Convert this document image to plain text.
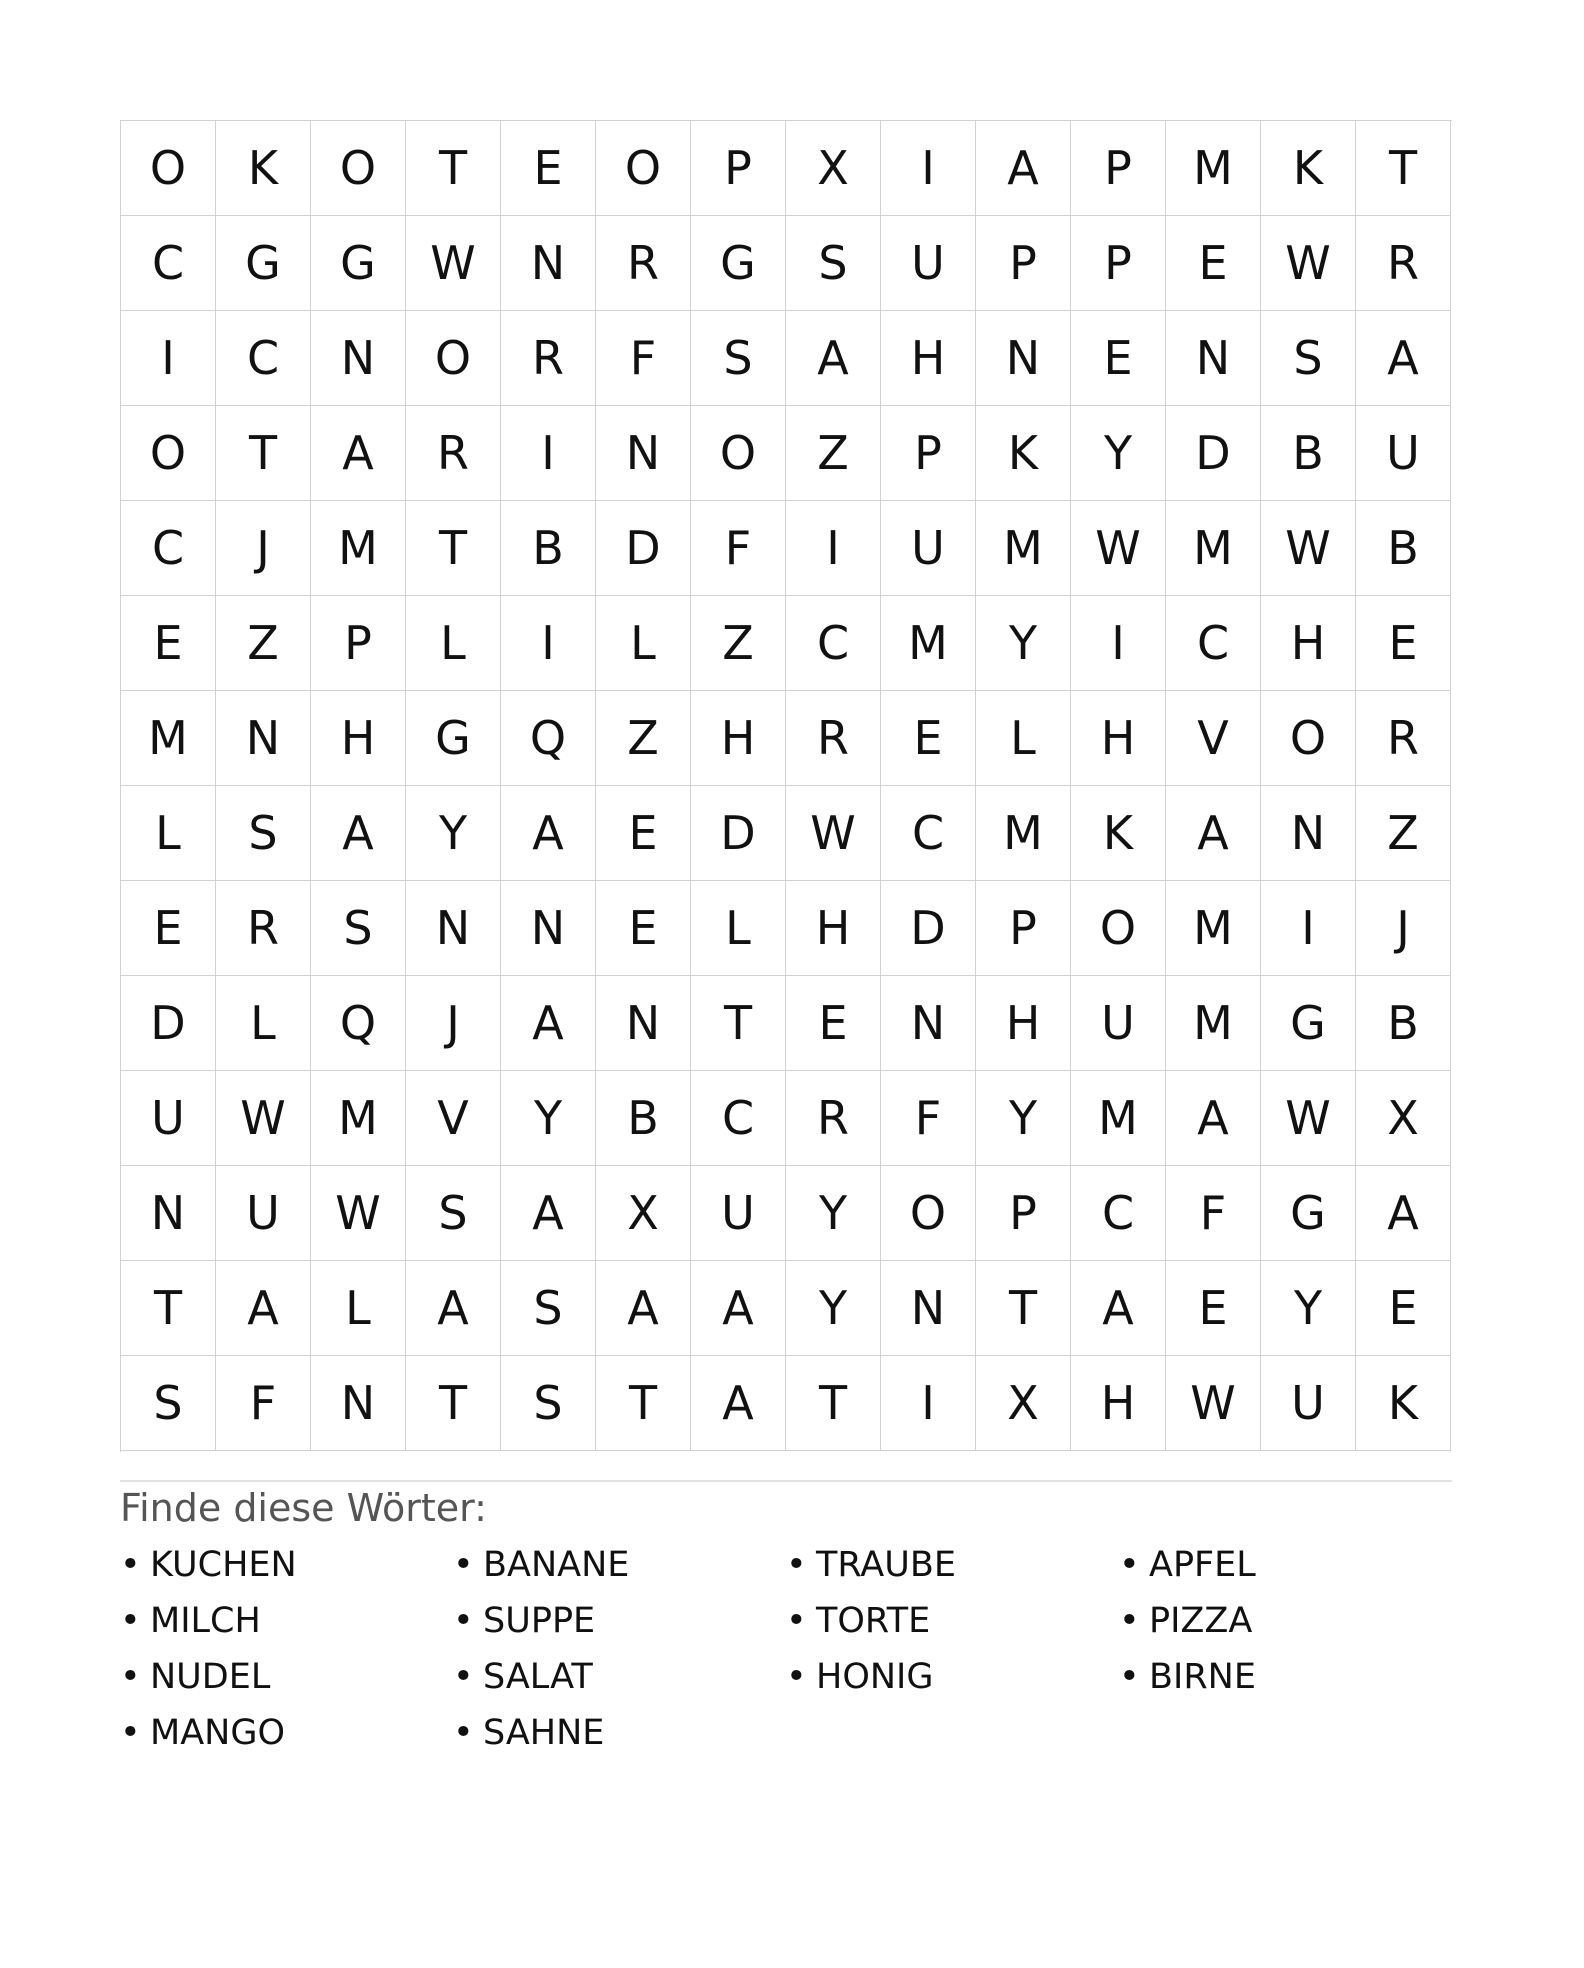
O	K	O	T	E	O	P	X	I	A	P	M	K	T
C	G	G	W	N	R	G	S	U	P	P	E	W	R
I	C	N	O	R	F	S	A	H	N	E	N	S	A
O	T	A	R	I	N	O	Z	P	K	Y	D	B	U
C	J	M	T	B	D	F	I	U	M	W	M	W	B
E	Z	P	L	I	L	Z	C	M	Y	I	C	H	E
M	N	H	G	Q	Z	H	R	E	L	H	V	O	R
L	S	A	Y	A	E	D	W	C	M	K	A	N	Z
E	R	S	N	N	E	L	H	D	P	O	M	I	J
D	L	Q	J	A	N	T	E	N	H	U	M	G	B
U	W	M	V	Y	B	C	R	F	Y	M	A	W	X
N	U	W	S	A	X	U	Y	O	P	C	F	G	A
T	A	L	A	S	A	A	Y	N	T	A	E	Y	E
S	F	N	T	S	T	A	T	I	X	H	W	U	K
Finde diese Wörter:
• KUCHEN	• BANANE	• TRAUBE	• APFEL
• MILCH	• SUPPE	• TORTE	• PIZZA
• NUDEL	• SALAT	• HONIG	• BIRNE
• MANGO	• SAHNE
